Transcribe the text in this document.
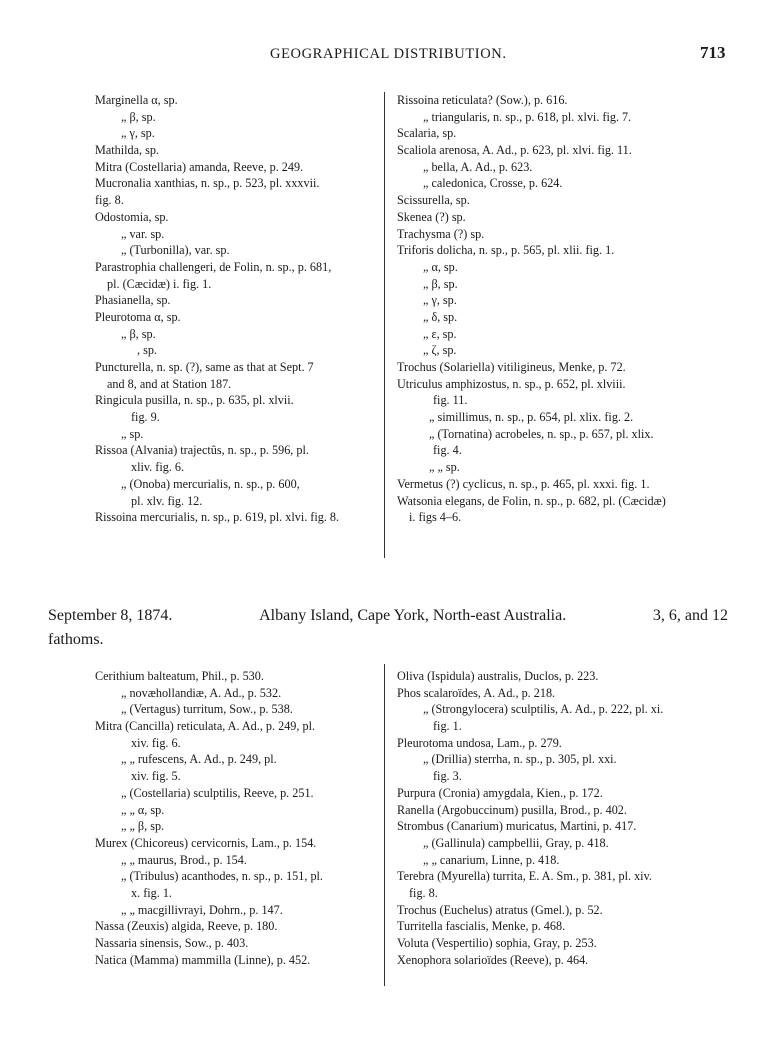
GEOGRAPHICAL DISTRIBUTION.	713
Marginella α, sp.
„ β, sp.
„ γ, sp.
Mathilda, sp.
Mitra (Costellaria) amanda, Reeve, p. 249.
Mucronalia xanthias, n. sp., p. 523, pl. xxxvii.
fig. 8.
Odostomia, sp.
„ var. sp.
„ (Turbonilla), var. sp.
Parastrophia challengeri, de Folin, n. sp., p. 681,
pl. (Cæcidæ) i. fig. 1.
Phasianella, sp.
Pleurotoma α, sp.
„ β, sp.
, sp.
Puncturella, n. sp. (?), same as that at Sept. 7
and 8, and at Station 187.
Ringicula pusilla, n. sp., p. 635, pl. xlvii.
fig. 9.
„ sp.
Rissoa (Alvania) trajectûs, n. sp., p. 596, pl.
xliv. fig. 6.
„ (Onoba) mercurialis, n. sp., p. 600,
pl. xlv. fig. 12.
Rissoina mercurialis, n. sp., p. 619, pl. xlvi. fig. 8.
Rissoina reticulata? (Sow.), p. 616.
„ triangularis, n. sp., p. 618, pl. xlvi. fig. 7.
Scalaria, sp.
Scaliola arenosa, A. Ad., p. 623, pl. xlvi. fig. 11.
„ bella, A. Ad., p. 623.
„ caledonica, Crosse, p. 624.
Scissurella, sp.
Skenea (?) sp.
Trachysma (?) sp.
Triforis dolicha, n. sp., p. 565, pl. xlii. fig. 1.
„ α, sp.
„ β, sp.
„ γ, sp.
„ δ, sp.
„ ε, sp.
„ ζ, sp.
Trochus (Solariella) vitiligineus, Menke, p. 72.
Utriculus amphizostus, n. sp., p. 652, pl. xlviii.
fig. 11.
„ simillimus, n. sp., p. 654, pl. xlix. fig. 2.
„ (Tornatina) acrobeles, n. sp., p. 657, pl. xlix.
fig. 4.
„ „ sp.
Vermetus (?) cyclicus, n. sp., p. 465, pl. xxxi. fig. 1.
Watsonia elegans, de Folin, n. sp., p. 682, pl. (Cæcidæ)
i. figs 4–6.
September 8, 1874.	Albany Island, Cape York, North-east Australia.	3, 6, and 12
fathoms.
Cerithium balteatum, Phil., p. 530.
„ novæhollandiæ, A. Ad., p. 532.
„ (Vertagus) turritum, Sow., p. 538.
Mitra (Cancilla) reticulata, A. Ad., p. 249, pl.
xiv. fig. 6.
„ „ rufescens, A. Ad., p. 249, pl.
xiv. fig. 5.
„ (Costellaria) sculptilis, Reeve, p. 251.
„ „ α, sp.
„ „ β, sp.
Murex (Chicoreus) cervicornis, Lam., p. 154.
„ „ maurus, Brod., p. 154.
„ (Tribulus) acanthodes, n. sp., p. 151, pl.
x. fig. 1.
„ „ macgillivrayi, Dohrn., p. 147.
Nassa (Zeuxis) algida, Reeve, p. 180.
Nassaria sinensis, Sow., p. 403.
Natica (Mamma) mammilla (Linne), p. 452.
Oliva (Ispidula) australis, Duclos, p. 223.
Phos scalaroïdes, A. Ad., p. 218.
„ (Strongylocera) sculptilis, A. Ad., p. 222, pl. xi.
fig. 1.
Pleurotoma undosa, Lam., p. 279.
„ (Drillia) sterrha, n. sp., p. 305, pl. xxi.
fig. 3.
Purpura (Cronia) amygdala, Kien., p. 172.
Ranella (Argobuccinum) pusilla, Brod., p. 402.
Strombus (Canarium) muricatus, Martini, p. 417.
„ (Gallinula) campbellii, Gray, p. 418.
„ „ canarium, Linne, p. 418.
Terebra (Myurella) turrita, E. A. Sm., p. 381, pl. xiv.
fig. 8.
Trochus (Euchelus) atratus (Gmel.), p. 52.
Turritella fascialis, Menke, p. 468.
Voluta (Vespertilio) sophia, Gray, p. 253.
Xenophora solarioïdes (Reeve), p. 464.
